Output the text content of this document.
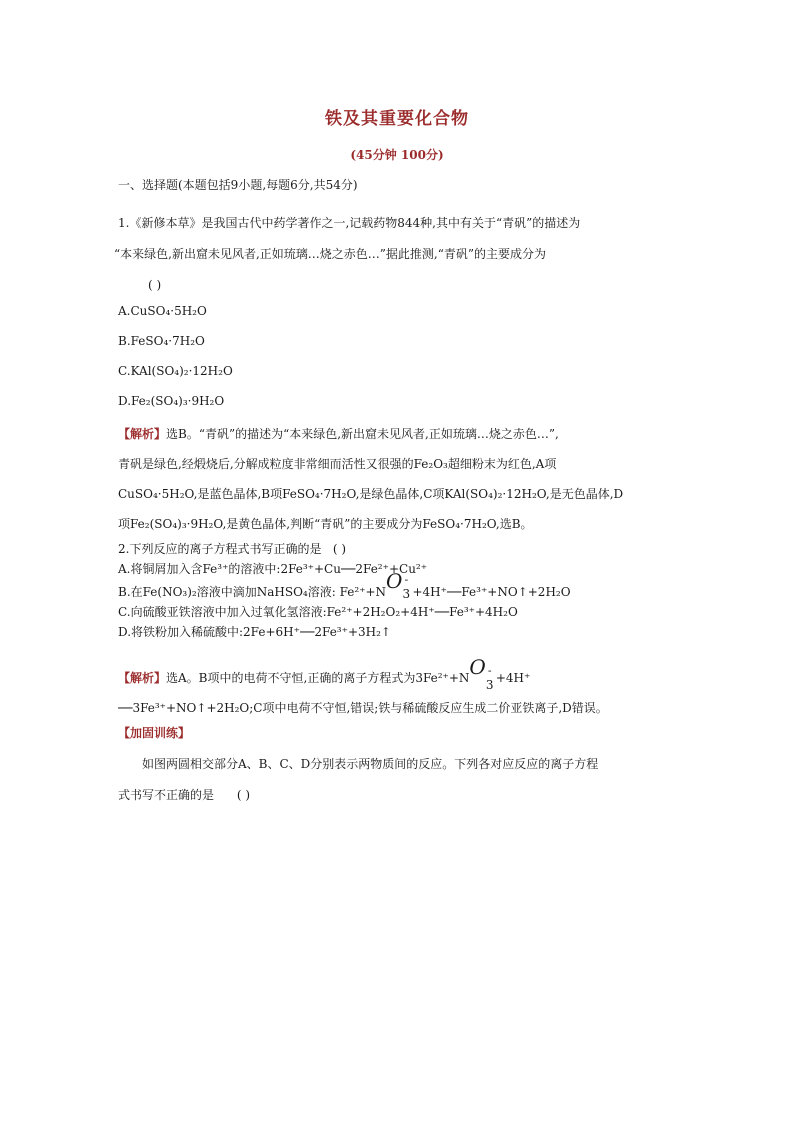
铁及其重要化合物
(45分钟 100分)

一、选择题(本题包括9小题,每题6分,共54分)

1.《新修本草》是我国古代中药学著作之一,记载药物844种,其中有关于“青矾”的描述为

“本来绿色,新出窟未见风者,正如琉璃…烧之赤色…”据此推测,“青矾”的主要成分为

( )

A.CuSO₄·5H₂O

B.FeSO₄·7H₂O

C.KAl(SO₄)₂·12H₂O

D.Fe₂(SO₄)₃·9H₂O

【解析】选B。“青矾”的描述为“本来绿色,新出窟未见风者,正如琉璃…烧之赤色…”,

青矾是绿色,经煅烧后,分解成粒度非常细而活性又很强的Fe₂O₃超细粉末为红色,A项

CuSO₄·5H₂O,是蓝色晶体,B项FeSO₄·7H₂O,是绿色晶体,C项KAl(SO₄)₂·12H₂O,是无色晶体,D

项Fe₂(SO₄)₃·9H₂O,是黄色晶体,判断“青矾”的主要成分为FeSO₄·7H₂O,选B。

2.下列反应的离子方程式书写正确的是 ( )

A.将铜屑加入含Fe³⁺的溶液中:2Fe³⁺+Cu──2Fe²⁺+Cu²⁺

B.在Fe(NO₃)₂溶液中滴加NaHSO₄溶液: Fe²⁺+NO -
3 +4H⁺──Fe³⁺+NO↑+2H₂O

C.向硫酸亚铁溶液中加入过氧化氢溶液:Fe²⁺+2H₂O₂+4H⁺──Fe³⁺+4H₂O

D.将铁粉加入稀硫酸中:2Fe+6H⁺──2Fe³⁺+3H₂↑

【解析】选A。B项中的电荷不守恒,正确的离子方程式为3Fe²⁺+NO -
3 +4H⁺

──3Fe³⁺+NO↑+2H₂O;C项中电荷不守恒,错误;铁与稀硫酸反应生成二价亚铁离子,D错误。

【加固训练】

如图两圆相交部分A、B、C、D分别表示两物质间的反应。下列各对应反应的离子方程

式书写不正确的是 ( )
